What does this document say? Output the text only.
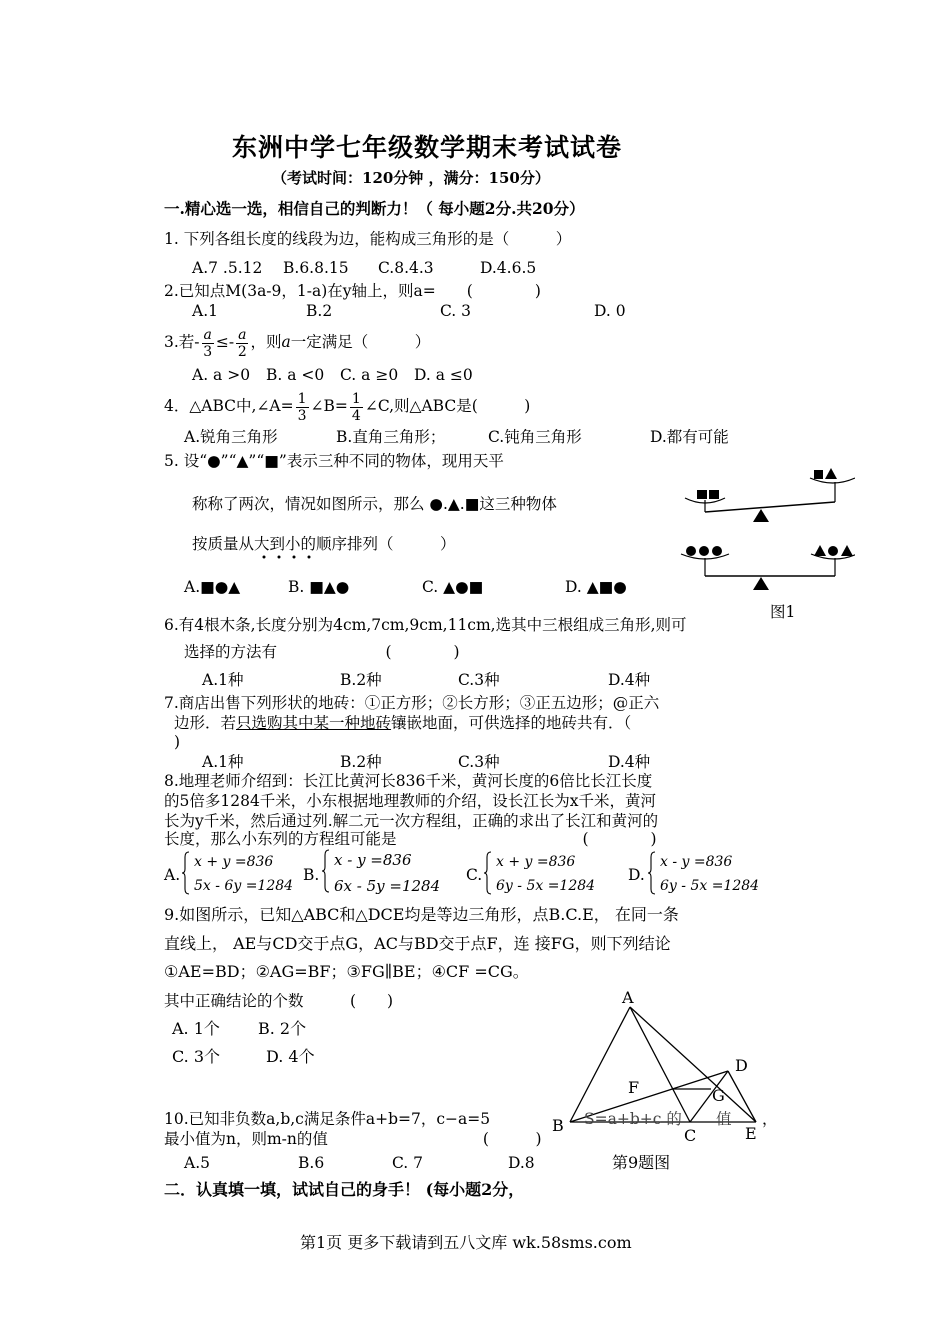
东洲中学七年级数学期末考试试卷
（考试时间：120分钟 ，满分：150分）
一.精心选一选，相信自己的判断力！（ 每小题2分.共20分）
1. 下列各组长度的线段为边，能构成三角形的是（　　　）
A.7 .5.12 B.6.8.15 C.8.4.3	D.4.6.5
2.已知点M(3a-9，1-a)在y轴上，则a=　　(　　　　)
A.1	B.2	C. 3	D. 0
3.若- $\frac{a}{3} \le- \frac{a}{2}$ ，则a一定满足（　　　）
A. a >0 B. a <0 C. a ≥0 D. a ≤0
4．△ABC中,∠A= $\frac{1}{3}$ ∠B= $\frac{1}{4}$ ∠C,则△ABC是(　　　)
A.锐角三角形	B.直角三角形；	C.钝角三角形	D.都有可能
5. 设“●”“▲”“■”表示三种不同的物体，现用天平
称称了两次，情况如图所示，那么 ●.▲.■这三种物体
按质量从大到小的顺序排列（　　　）
A.■●▲	B. ■▲●	C. ▲●■	D. ▲■●
图1
6.有4根木条,长度分别为4cm,7cm,9cm,11cm,选其中三根组成三角形,则可
选择的方法有　　　　　　　(　　　　)
A.1种	B.2种	C.3种	D.4种
7.商店出售下列形状的地砖：①正方形；②长方形；③正五边形；@正六
边形．若只选购其中某一种地砖镶嵌地面，可供选择的地砖共有．（
)
A.1种	B.2种	C.3种	D.4种
8.地理老师介绍到：长江比黄河长836千米，黄河长度的6倍比长江长度
的5倍多1284千米，小东根据地理教师的介绍，设长江长为x千米，黄河
长为y千米，然后通过列.解二元一次方程组，正确的求出了长江和黄河的
长度，那么小东列的方程组可能是　　　　　　　　　　　　(　　　　)
A.
x + y =836
5x - 6y =1284
B.
x - y =836
6x - 5y =1284
C.
x + y =836
6y - 5x =1284
D.
x - y =836
6y - 5x =1284
9.如图所示，已知△ABC和△DCE均是等边三角形，点B.C.E， 在同一条
直线上， AE与CD交于点G，AC与BD交于点F，连 接FG，则下列结论
①AE=BD；②AG=BF；③FG∥BE；④CF =CG。
其中正确结论的个数　　　(　　)
A. 1个 B. 2个
C. 3个	D. 4个
A
B
C
D
E
F	G
第9题图
10.已知非负数a,b,c满足条件a+b=7，c−a=5	S=a+b+c 的 值 ，
最小值为n，则m-n的值　　　　　　　　　　(　　　)
A.5	B.6	C. 7	D.8
二．认真填一填，试试自己的身手！ (每小题2分，
第1页 更多下载请到五八文库 wk.58sms.com
